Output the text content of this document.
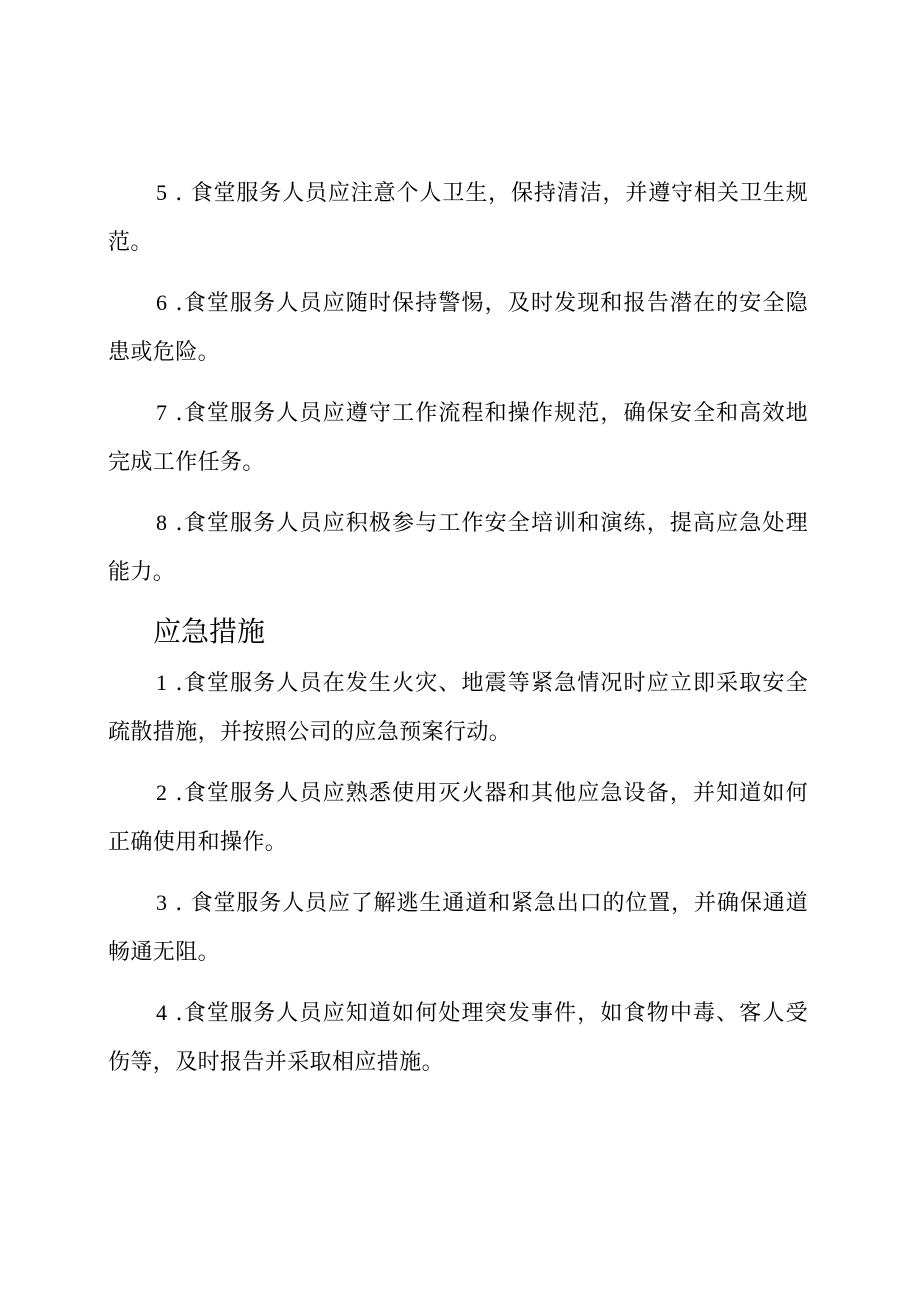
5 . 食堂服务人员应注意个人卫生，保持清洁，并遵守相关卫生规范。

6 .食堂服务人员应随时保持警惕，及时发现和报告潜在的安全隐患或危险。

7 .食堂服务人员应遵守工作流程和操作规范，确保安全和高效地完成工作任务。

8 .食堂服务人员应积极参与工作安全培训和演练，提高应急处理能力。

应急措施

1 .食堂服务人员在发生火灾、地震等紧急情况时应立即采取安全疏散措施，并按照公司的应急预案行动。

2 .食堂服务人员应熟悉使用灭火器和其他应急设备，并知道如何正确使用和操作。

3 . 食堂服务人员应了解逃生通道和紧急出口的位置，并确保通道畅通无阻。

4 .食堂服务人员应知道如何处理突发事件，如食物中毒、客人受伤等，及时报告并采取相应措施。
